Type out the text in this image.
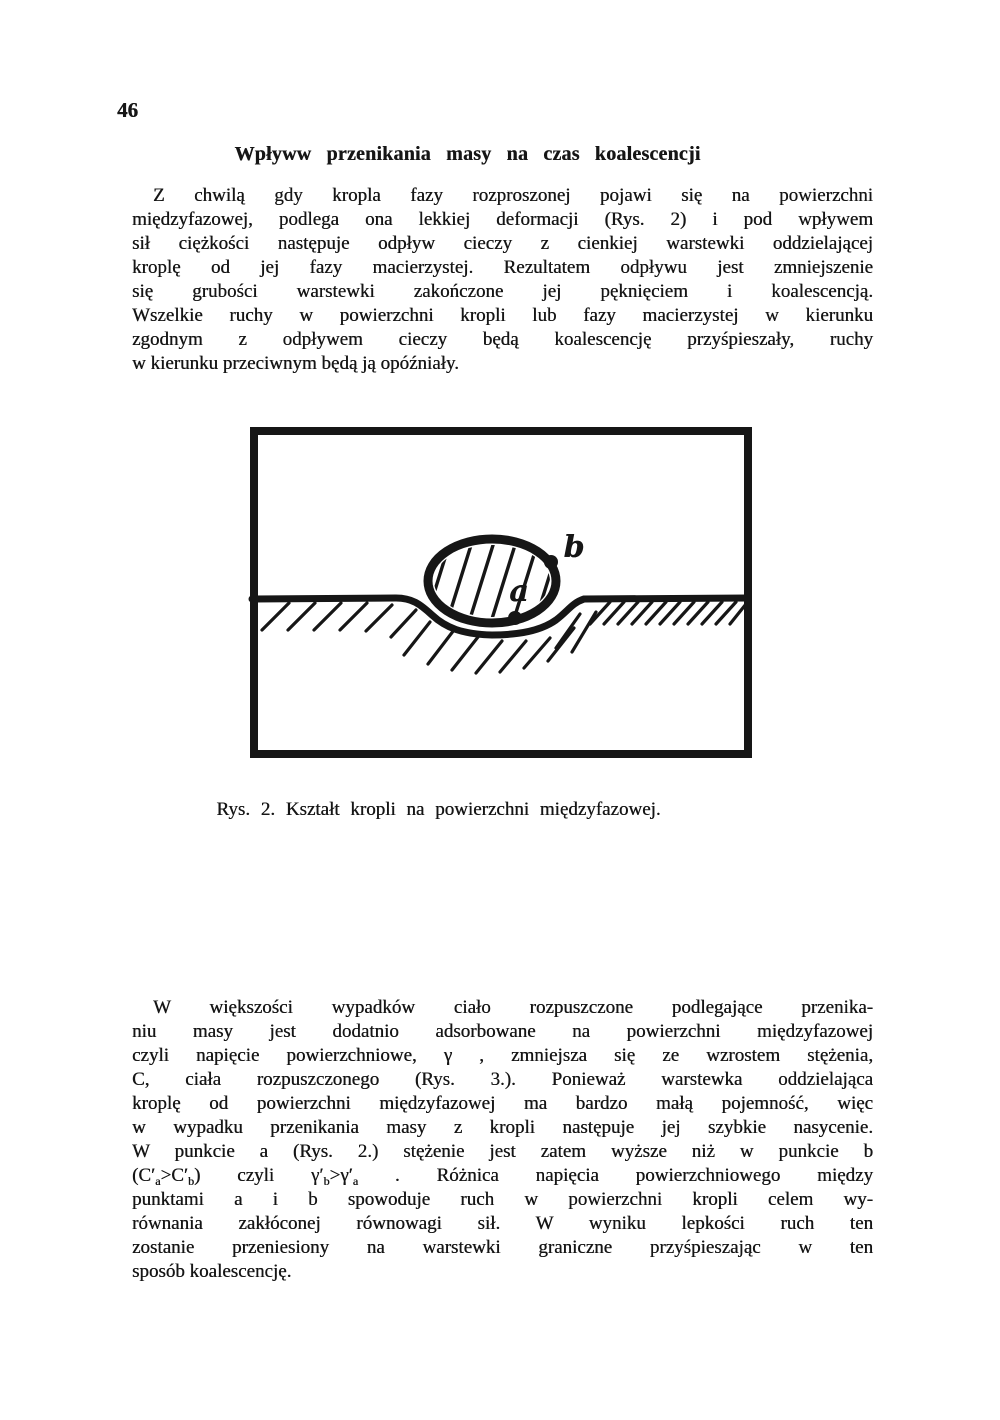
46
Wpływw przenikania masy na czas koalescencji
Z chwilą gdy kropla fazy rozproszonej pojawi się na powierzchni
międzyfazowej, podlega ona lekkiej deformacji (Rys. 2) i pod wpływem
sił ciężkości następuje odpływ cieczy z cienkiej warstewki oddzielającej
kroplę od jej fazy macierzystej. Rezultatem odpływu jest zmniejszenie
się grubości warstewki zakończone jej pęknięciem i koalescencją.
Wszelkie ruchy w powierzchni kropli lub fazy macierzystej w kierunku
zgodnym z odpływem cieczy będą koalescencję przyśpieszały, ruchy
w kierunku przeciwnym będą ją opóźniały.
a
b
Rys. 2. Kształt kropli na powierzchni międzyfazowej.
W większości wypadków ciało rozpuszczone podlegające przenika-
niu masy jest dodatnio adsorbowane na powierzchni międzyfazowej
czyli napięcie powierzchniowe, γ , zmniejsza się ze wzrostem stężenia,
C, ciała rozpuszczonego (Rys. 3.). Ponieważ warstewka oddzielająca
kroplę od powierzchni międzyfazowej ma bardzo małą pojemność, więc
w wypadku przenikania masy z kropli następuje jej szybkie nasycenie.
W punkcie a (Rys. 2.) stężenie jest zatem wyższe niż w punkcie b
$(C'_a>C'_b)$ czyli $\gamma'_b>\gamma'_a$ . Różnica napięcia powierzchniowego między
punktami a i b spowoduje ruch w powierzchni kropli celem wy-
równania zakłóconej równowagi sił. W wyniku lepkości ruch ten
zostanie przeniesiony na warstewki graniczne przyśpieszając w ten
sposób koalescencję.
